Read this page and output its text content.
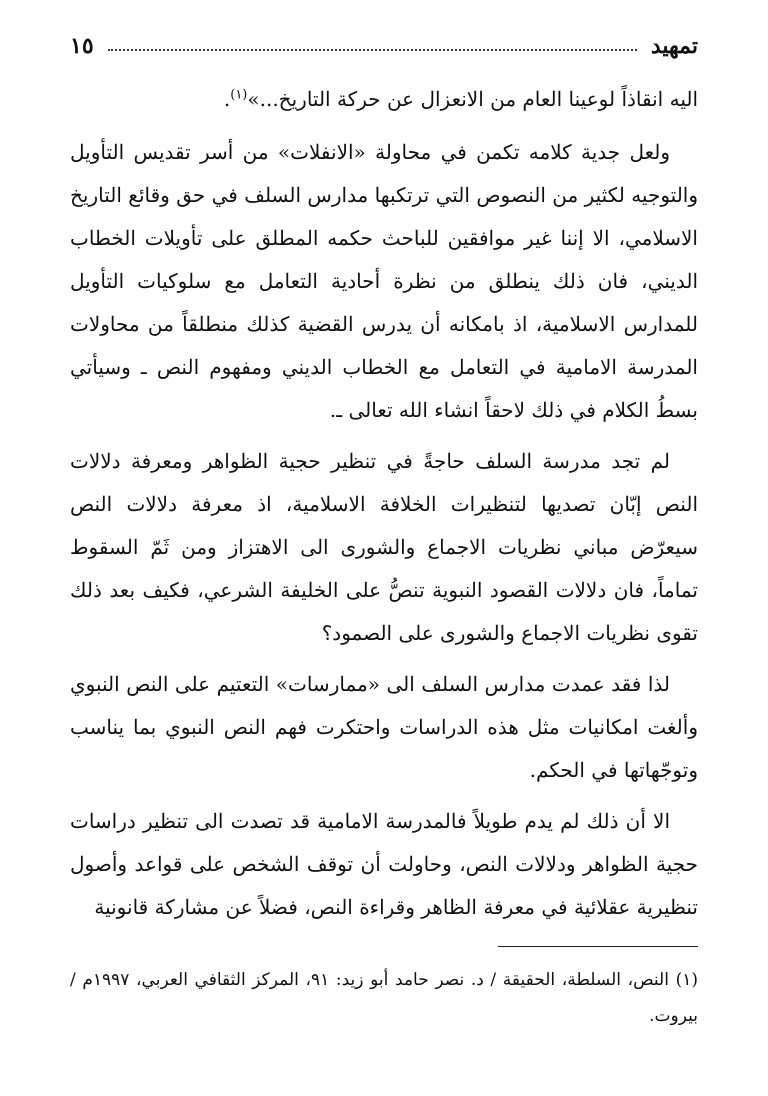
تمهيد
١٥

اليه انقاذاً لوعينا العام من الانعزال عن حركة التاريخ...»$^{(١)}$.

ولعل جدية كلامه تكمن في محاولة «الانفلات» من أسر تقديس التأويل والتوجيه لكثير من النصوص التي ترتكبها مدارس السلف في حق وقائع التاريخ الاسلامي، الا إننا غير موافقين للباحث حكمه المطلق على تأويلات الخطاب الديني، فان ذلك ينطلق من نظرة أحادية التعامل مع سلوكيات التأويل للمدارس الاسلامية، اذ بامكانه أن يدرس القضية كذلك منطلقاً من محاولات المدرسة الامامية في التعامل مع الخطاب الديني ومفهوم النص ـ وسيأتي بسطُ الكلام في ذلك لاحقاً انشاء الله تعالى ـ.

لم تجد مدرسة السلف حاجةً في تنظير حجية الظواهر ومعرفة دلالات النص إبّان تصديها لتنظيرات الخلافة الاسلامية، اذ معرفة دلالات النص سيعرّض مباني نظريات الاجماع والشورى الى الاهتزاز ومن ثَمّ السقوط تماماً، فان دلالات القصود النبوية تنصُّ على الخليفة الشرعي، فكيف بعد ذلك تقوى نظريات الاجماع والشورى على الصمود؟

لذا فقد عمدت مدارس السلف الى «ممارسات» التعتيم على النص النبوي وألغت امكانيات مثل هذه الدراسات واحتكرت فهم النص النبوي بما يناسب وتوجّهاتها في الحكم.

الا أن ذلك لم يدم طويلاً فالمدرسة الامامية قد تصدت الى تنظير دراسات حجية الظواهر ودلالات النص، وحاولت أن توقف الشخص على قواعد وأصول تنظيرية عقلائية في معرفة الظاهر وقراءة النص، فضلاً عن مشاركة قانونية

(١) النص، السلطة، الحقيقة / د. نصر حامد أبو زيد: ٩١، المركز الثقافي العربي، ١٩٩٧م / بيروت.
